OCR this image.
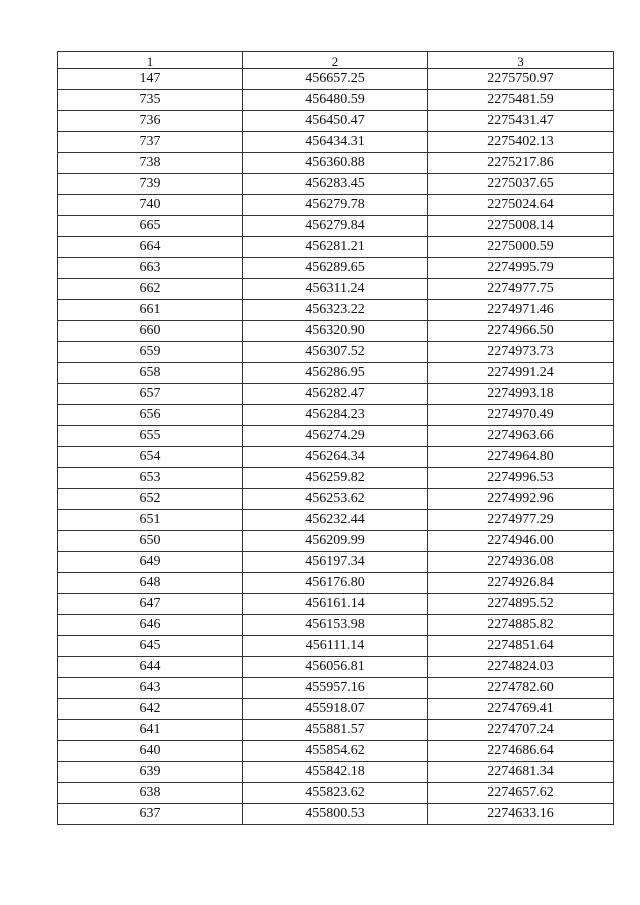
1	2	3
147	456657.25	2275750.97
735	456480.59	2275481.59
736	456450.47	2275431.47
737	456434.31	2275402.13
738	456360.88	2275217.86
739	456283.45	2275037.65
740	456279.78	2275024.64
665	456279.84	2275008.14
664	456281.21	2275000.59
663	456289.65	2274995.79
662	456311.24	2274977.75
661	456323.22	2274971.46
660	456320.90	2274966.50
659	456307.52	2274973.73
658	456286.95	2274991.24
657	456282.47	2274993.18
656	456284.23	2274970.49
655	456274.29	2274963.66
654	456264.34	2274964.80
653	456259.82	2274996.53
652	456253.62	2274992.96
651	456232.44	2274977.29
650	456209.99	2274946.00
649	456197.34	2274936.08
648	456176.80	2274926.84
647	456161.14	2274895.52
646	456153.98	2274885.82
645	456111.14	2274851.64
644	456056.81	2274824.03
643	455957.16	2274782.60
642	455918.07	2274769.41
641	455881.57	2274707.24
640	455854.62	2274686.64
639	455842.18	2274681.34
638	455823.62	2274657.62
637	455800.53	2274633.16
